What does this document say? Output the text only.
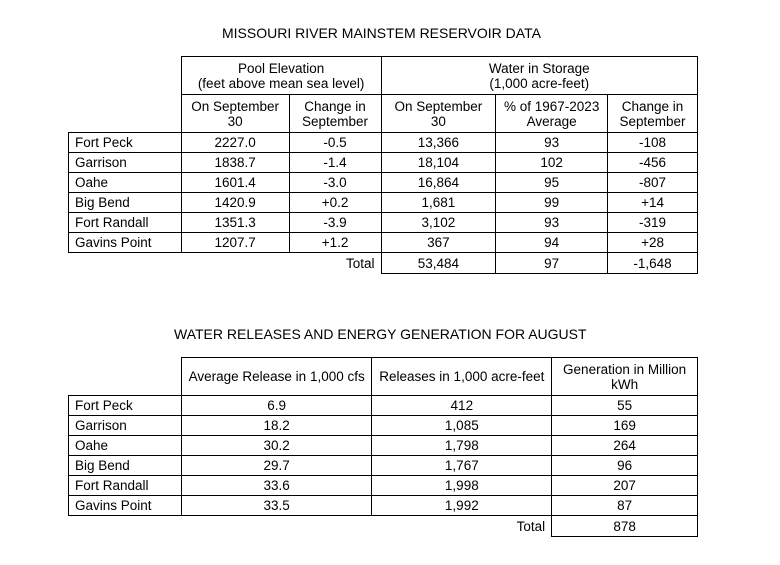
MISSOURI RIVER MAINSTEM RESERVOIR DATA
	Pool Elevation
(feet above mean sea level)		Water in Storage
(1,000 acre-feet)		
	On September 30	Change in September	On September 30	% of 1967-2023 Average	Change in September
Fort Peck	2227.0	-0.5	13,366	93	-108
Garrison	1838.7	-1.4	18,104	102	-456
Oahe	1601.4	-3.0	16,864	95	-807
Big Bend	1420.9	+0.2	1,681	99	+14
Fort Randall	1351.3	-3.9	3,102	93	-319
Gavins Point	1207.7	+1.2	367	94	+28
		Total	53,484	97	-1,648
WATER RELEASES AND ENERGY GENERATION FOR AUGUST
	Average Release in 1,000 cfs	Releases in 1,000 acre-feet	Generation in Million kWh
Fort Peck	6.9	412	55
Garrison	18.2	1,085	169
Oahe	30.2	1,798	264
Big Bend	29.7	1,767	96
Fort Randall	33.6	1,998	207
Gavins Point	33.5	1,992	87
		Total	878
